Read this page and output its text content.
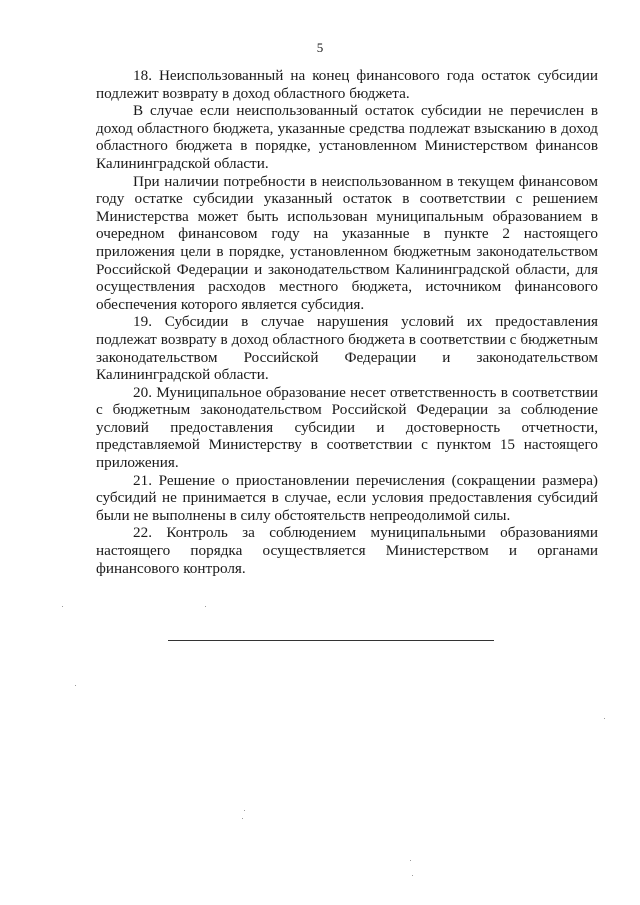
5

18. Неиспользованный на конец финансового года остаток субсидии подлежит возврату в доход областного бюджета.

В случае если неиспользованный остаток субсидии не перечислен в доход областного бюджета, указанные средства подлежат взысканию в доход областного бюджета в порядке, установленном Министерством финансов Калининградской области.

При наличии потребности в неиспользованном в текущем финансовом году остатке субсидии указанный остаток в соответствии с решением Министерства может быть использован муниципальным образованием в очередном финансовом году на указанные в пункте 2 настоящего приложения цели в порядке, установленном бюджетным законодательством Российской Федерации и законодательством Калининградской области, для осуществления расходов местного бюджета, источником финансового обеспечения которого является субсидия.

19. Субсидии в случае нарушения условий их предоставления подлежат возврату в доход областного бюджета в соответствии с бюджетным законодательством Российской Федерации и законодательством Калининградской области.

20. Муниципальное образование несет ответственность в соответствии с бюджетным законодательством Российской Федерации за соблюдение условий предоставления субсидии и достоверность отчетности, представляемой Министерству в соответствии с пунктом 15 настоящего приложения.

21. Решение о приостановлении перечисления (сокращении размера) субсидий не принимается в случае, если условия предоставления субсидий были не выполнены в силу обстоятельств непреодолимой силы.

22. Контроль за соблюдением муниципальными образованиями настоящего порядка осуществляется Министерством и органами финансового контроля.
